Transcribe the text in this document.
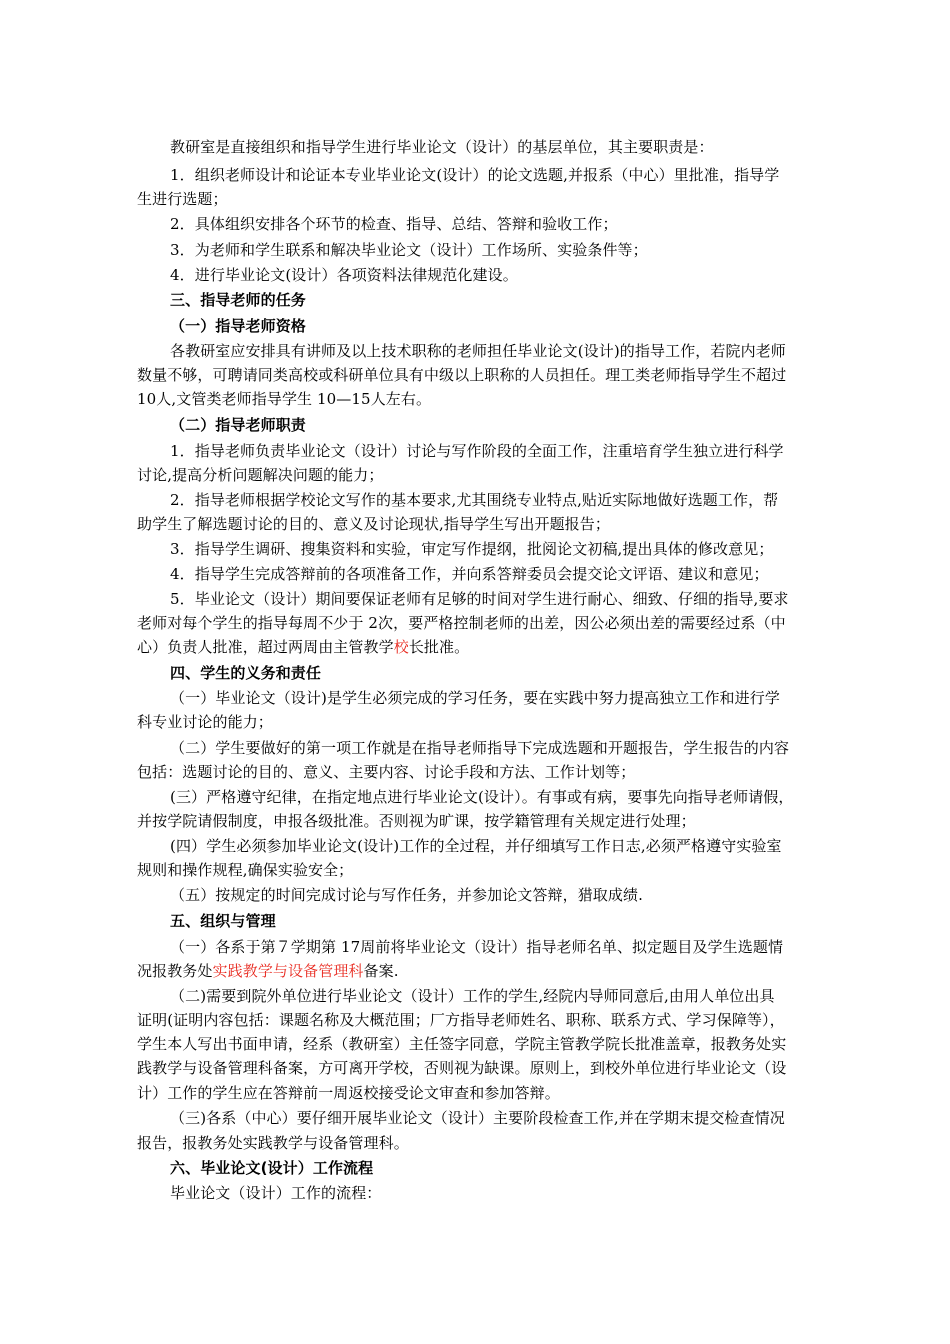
教研室是直接组织和指导学生进行毕业论文（设计）的基层单位，其主要职责是：
1．组织老师设计和论证本专业毕业论文(设计）的论文选题,并报系（中心）里批准，指导学
生进行选题；
2．具体组织安排各个环节的检查、指导、总结、答辩和验收工作；
3．为老师和学生联系和解决毕业论文（设计）工作场所、实验条件等；
4．进行毕业论文(设计）各项资料法律规范化建设。
三、指导老师的任务
（一）指导老师资格
各教研室应安排具有讲师及以上技术职称的老师担任毕业论文(设计)的指导工作，若院内老师
数量不够，可聘请同类高校或科研单位具有中级以上职称的人员担任。理工类老师指导学生不超过
10人,文管类老师指导学生 10—15人左右。
（二）指导老师职责
1．指导老师负责毕业论文（设计）讨论与写作阶段的全面工作，注重培育学生独立进行科学
讨论,提高分析问题解决问题的能力；
2．指导老师根据学校论文写作的基本要求,尤其围绕专业特点,贴近实际地做好选题工作，帮
助学生了解选题讨论的目的、意义及讨论现状,指导学生写出开题报告；
3．指导学生调研、搜集资料和实验，审定写作提纲，批阅论文初稿,提出具体的修改意见；
4．指导学生完成答辩前的各项准备工作，并向系答辩委员会提交论文评语、建议和意见；
5．毕业论文（设计）期间要保证老师有足够的时间对学生进行耐心、细致、仔细的指导,要求
老师对每个学生的指导每周不少于 2次，要严格控制老师的出差，因公必须出差的需要经过系（中
心）负责人批准，超过两周由主管教学校长批准。
四、学生的义务和责任
（一）毕业论文（设计)是学生必须完成的学习任务，要在实践中努力提高独立工作和进行学
科专业讨论的能力；
（二）学生要做好的第一项工作就是在指导老师指导下完成选题和开题报告，学生报告的内容
包括：选题讨论的目的、意义、主要内容、讨论手段和方法、工作计划等；
(三）严格遵守纪律，在指定地点进行毕业论文(设计）。有事或有病，要事先向指导老师请假，
并按学院请假制度，申报各级批准。否则视为旷课，按学籍管理有关规定进行处理；
(四）学生必须参加毕业论文(设计)工作的全过程，并仔细填写工作日志,必须严格遵守实验室
规则和操作规程,确保实验安全；
（五）按规定的时间完成讨论与写作任务，并参加论文答辩，猎取成绩.
五、组织与管理
（一）各系于第７学期第 17周前将毕业论文（设计）指导老师名单、拟定题目及学生选题情
况报教务处实践教学与设备管理科备案.
（二)需要到院外单位进行毕业论文（设计）工作的学生,经院内导师同意后,由用人单位出具
证明(证明内容包括：课题名称及大概范围；厂方指导老师姓名、职称、联系方式、学习保障等），
学生本人写出书面申请，经系（教研室）主任签字同意，学院主管教学院长批准盖章，报教务处实
践教学与设备管理科备案，方可离开学校，否则视为缺课。原则上，到校外单位进行毕业论文（设
计）工作的学生应在答辩前一周返校接受论文审查和参加答辩。
（三)各系（中心）要仔细开展毕业论文（设计）主要阶段检查工作,并在学期末提交检查情况
报告，报教务处实践教学与设备管理科。
六、毕业论文(设计）工作流程
毕业论文（设计）工作的流程：
